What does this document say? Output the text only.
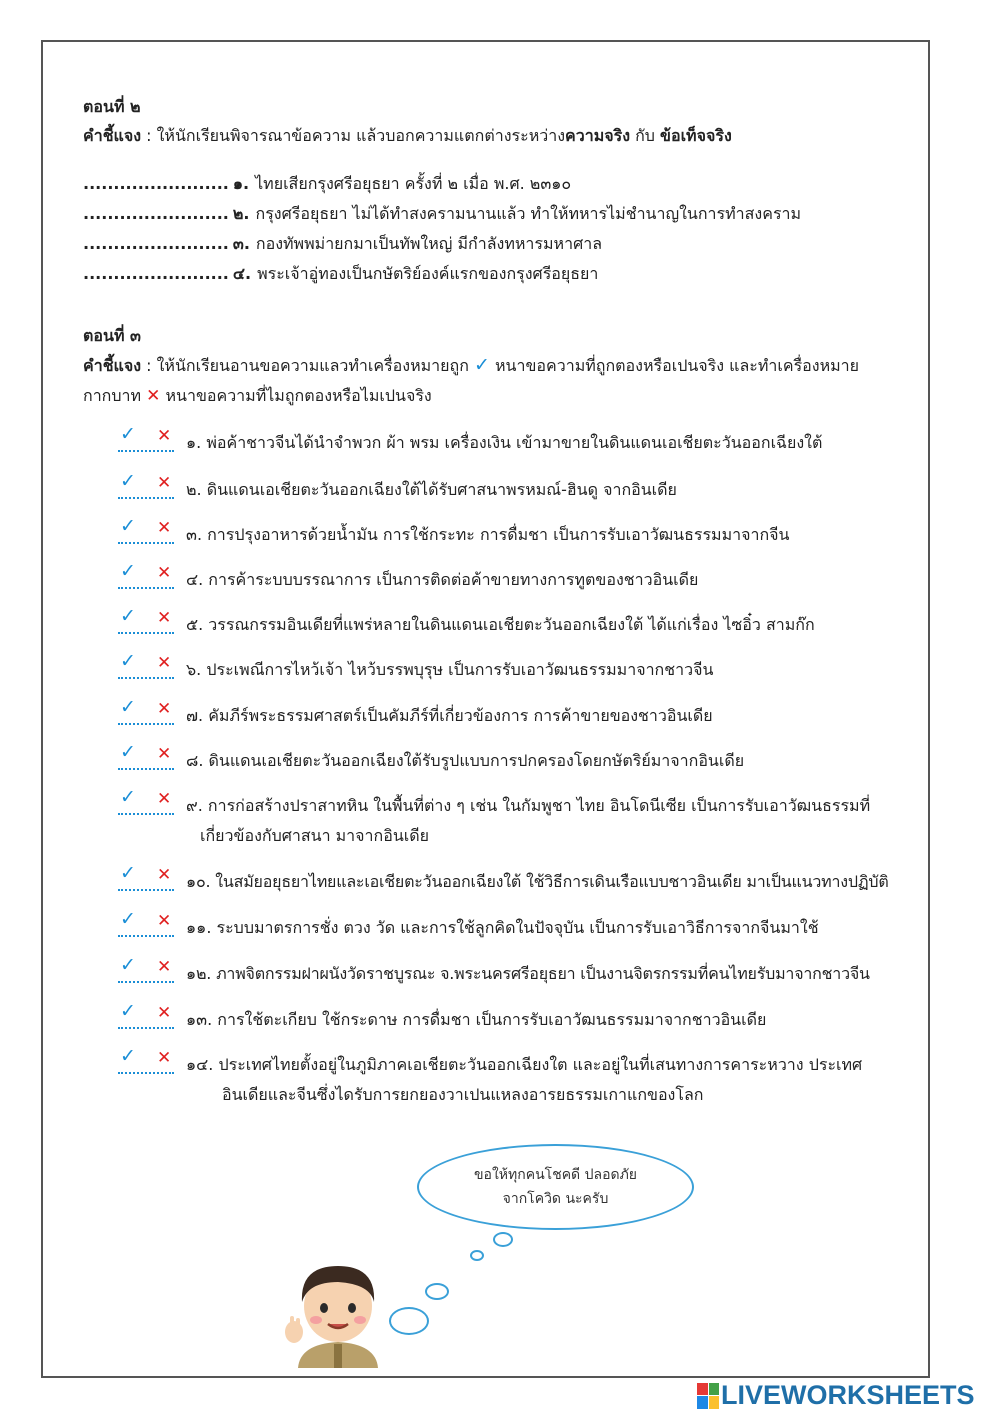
ตอนที่ ๒
คำชี้แจง : ให้นักเรียนพิจารณาข้อความ แล้วบอกความแตกต่างระหว่างความจริง กับ ข้อเท็จจริง
........................ ๑. ไทยเสียกรุงศรีอยุธยา ครั้งที่ ๒ เมื่อ พ.ศ. ๒๓๑๐
........................ ๒. กรุงศรีอยุธยา ไม่ได้ทำสงครามนานแล้ว ทำให้ทหารไม่ชำนาญในการทำสงคราม
........................ ๓. กองทัพพม่ายกมาเป็นทัพใหญ่ มีกำลังทหารมหาศาล
........................ ๔. พระเจ้าอู่ทองเป็นกษัตริย์องค์แรกของกรุงศรีอยุธยา
ตอนที่ ๓
คำชี้แจง : ให้นักเรียนอานขอความแลวทำเครื่องหมายถูก ✓ หนาขอความที่ถูกตองหรือเปนจริง และทำเครื่องหมาย
กากบาท ✕ หนาขอความที่ไมถูกตองหรือไมเปนจริง
✓ ✕ ๑. พ่อค้าชาวจีนได้นำจำพวก ผ้า พรม เครื่องเงิน เข้ามาขายในดินแดนเอเชียตะวันออกเฉียงใต้
✓ ✕ ๒. ดินแดนเอเชียตะวันออกเฉียงใต้ได้รับศาสนาพรหมณ์-ฮินดู จากอินเดีย
✓ ✕ ๓. การปรุงอาหารด้วยน้ำมัน การใช้กระทะ การดื่มชา เป็นการรับเอาวัฒนธรรมมาจากจีน
✓ ✕ ๔. การค้าระบบบรรณาการ เป็นการติดต่อค้าขายทางการทูตของชาวอินเดีย
✓ ✕ ๕. วรรณกรรมอินเดียที่แพร่หลายในดินแดนเอเชียตะวันออกเฉียงใต้ ได้แก่เรื่อง ไซอิ๋ว สามก๊ก
✓ ✕ ๖. ประเพณีการไหว้เจ้า ไหว้บรรพบุรุษ เป็นการรับเอาวัฒนธรรมมาจากชาวจีน
✓ ✕ ๗. คัมภีร์พระธรรมศาสตร์เป็นคัมภีร์ที่เกี่ยวข้องการ การค้าขายของชาวอินเดีย
✓ ✕ ๘. ดินแดนเอเชียตะวันออกเฉียงใต้รับรูปแบบการปกครองโดยกษัตริย์มาจากอินเดีย
✓ ✕ ๙. การก่อสร้างปราสาทหิน ในพื้นที่ต่าง ๆ เช่น ในกัมพูชา ไทย อินโดนีเซีย เป็นการรับเอาวัฒนธรรมที่
เกี่ยวข้องกับศาสนา มาจากอินเดีย
✓ ✕ ๑๐. ในสมัยอยุธยาไทยและเอเชียตะวันออกเฉียงใต้ ใช้วิธีการเดินเรือแบบชาวอินเดีย มาเป็นแนวทางปฏิบัติ
✓ ✕ ๑๑. ระบบมาตรการชั่ง ตวง วัด และการใช้ลูกคิดในปัจจุบัน เป็นการรับเอาวิธีการจากจีนมาใช้
✓ ✕ ๑๒. ภาพจิตกรรมฝาผนังวัดราชบูรณะ จ.พระนครศรีอยุธยา เป็นงานจิตรกรรมที่คนไทยรับมาจากชาวจีน
✓ ✕ ๑๓. การใช้ตะเกียบ ใช้กระดาษ การดื่มชา เป็นการรับเอาวัฒนธรรมมาจากชาวอินเดีย
✓ ✕ ๑๔. ประเทศไทยตั้งอยู่ในภูมิภาคเอเชียตะวันออกเฉียงใต และอยู่ในที่เสนทางการคาระหวาง ประเทศ
อินเดียและจีนซึ่งไดรับการยกยองวาเปนแหลงอารยธรรมเกาแกของโลก
ขอให้ทุกคนโชคดี ปลอดภัย
จากโควิด นะครับ
LIVEWORKSHEETS
